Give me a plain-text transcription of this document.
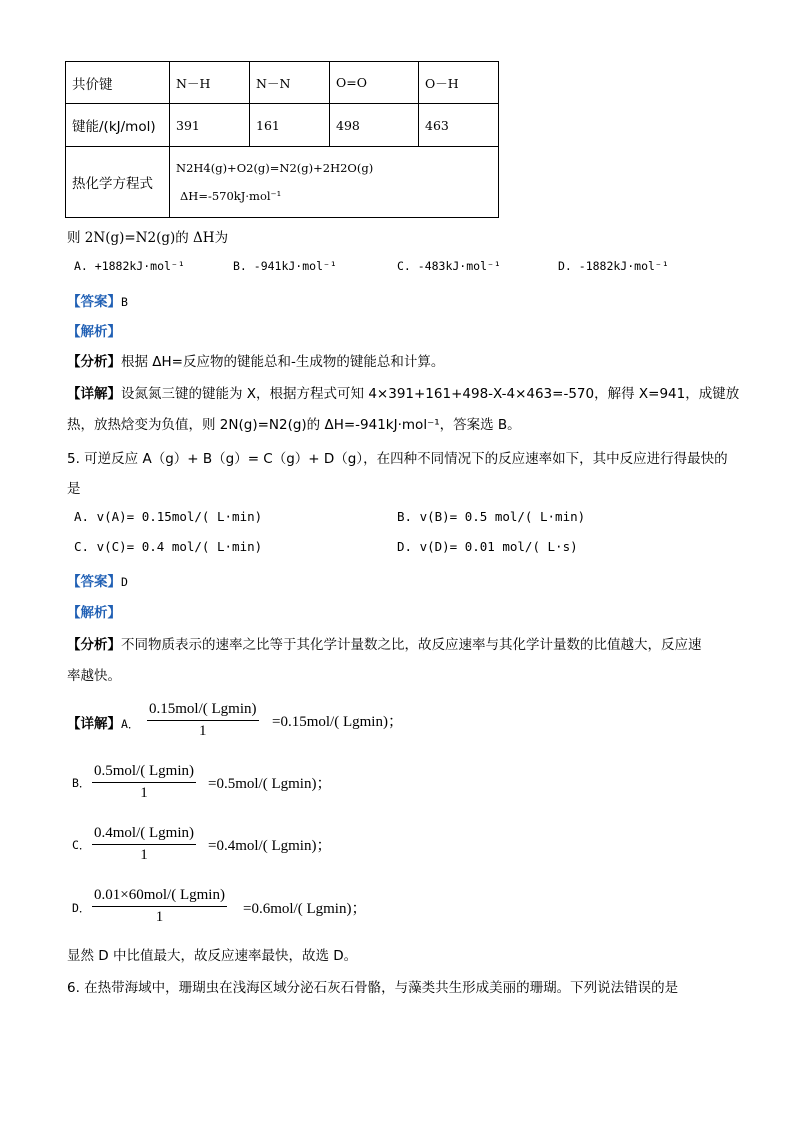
共价键	N－H	N－N	O=O	O－H
键能/(kJ/mol)	391	161	498	463
热化学方程式	N2H4(g)+O2(g)=N2(g)+2H2O(g)
ΔH=-570kJ·mol⁻¹			
则 2N(g)=N2(g)的 ΔH为
A. +1882kJ·mol⁻¹	B. -941kJ·mol⁻¹	C. -483kJ·mol⁻¹	D. -1882kJ·mol⁻¹
【答案】B
【解析】
【分析】根据 ΔH=反应物的键能总和-生成物的键能总和计算。
【详解】设氮氮三键的键能为 X，根据方程式可知 4×391+161+498-X-4×463=-570，解得 X=941，成键放
热，放热焓变为负值，则 2N(g)=N2(g)的 ΔH=-941kJ·mol⁻¹，答案选 B。
5. 可逆反应 A（g）+ B（g）= C（g）+ D（g），在四种不同情况下的反应速率如下，其中反应进行得最快的
是
A. v(A)= 0.15mol/( L·min)	B. v(B)= 0.5 mol/( L·min)
C. v(C)= 0.4 mol/( L·min)	D. v(D)= 0.01 mol/( L·s)
【答案】D
【解析】
【分析】不同物质表示的速率之比等于其化学计量数之比，故反应速率与其化学计量数的比值越大，反应速
率越快。
【详解】A．
0.15mol/( Lgmin)
1
=0.15mol/( Lgmin)；
B．
0.5mol/( Lgmin)
1
=0.5mol/( Lgmin)；
C．
0.4mol/( Lgmin)
1
=0.4mol/( Lgmin)；
D．
0.01×60mol/( Lgmin)
1	=0.6mol/( Lgmin)；
显然 D 中比值最大，故反应速率最快，故选 D。
6. 在热带海域中，珊瑚虫在浅海区域分泌石灰石骨骼，与藻类共生形成美丽的珊瑚。下列说法错误的是
